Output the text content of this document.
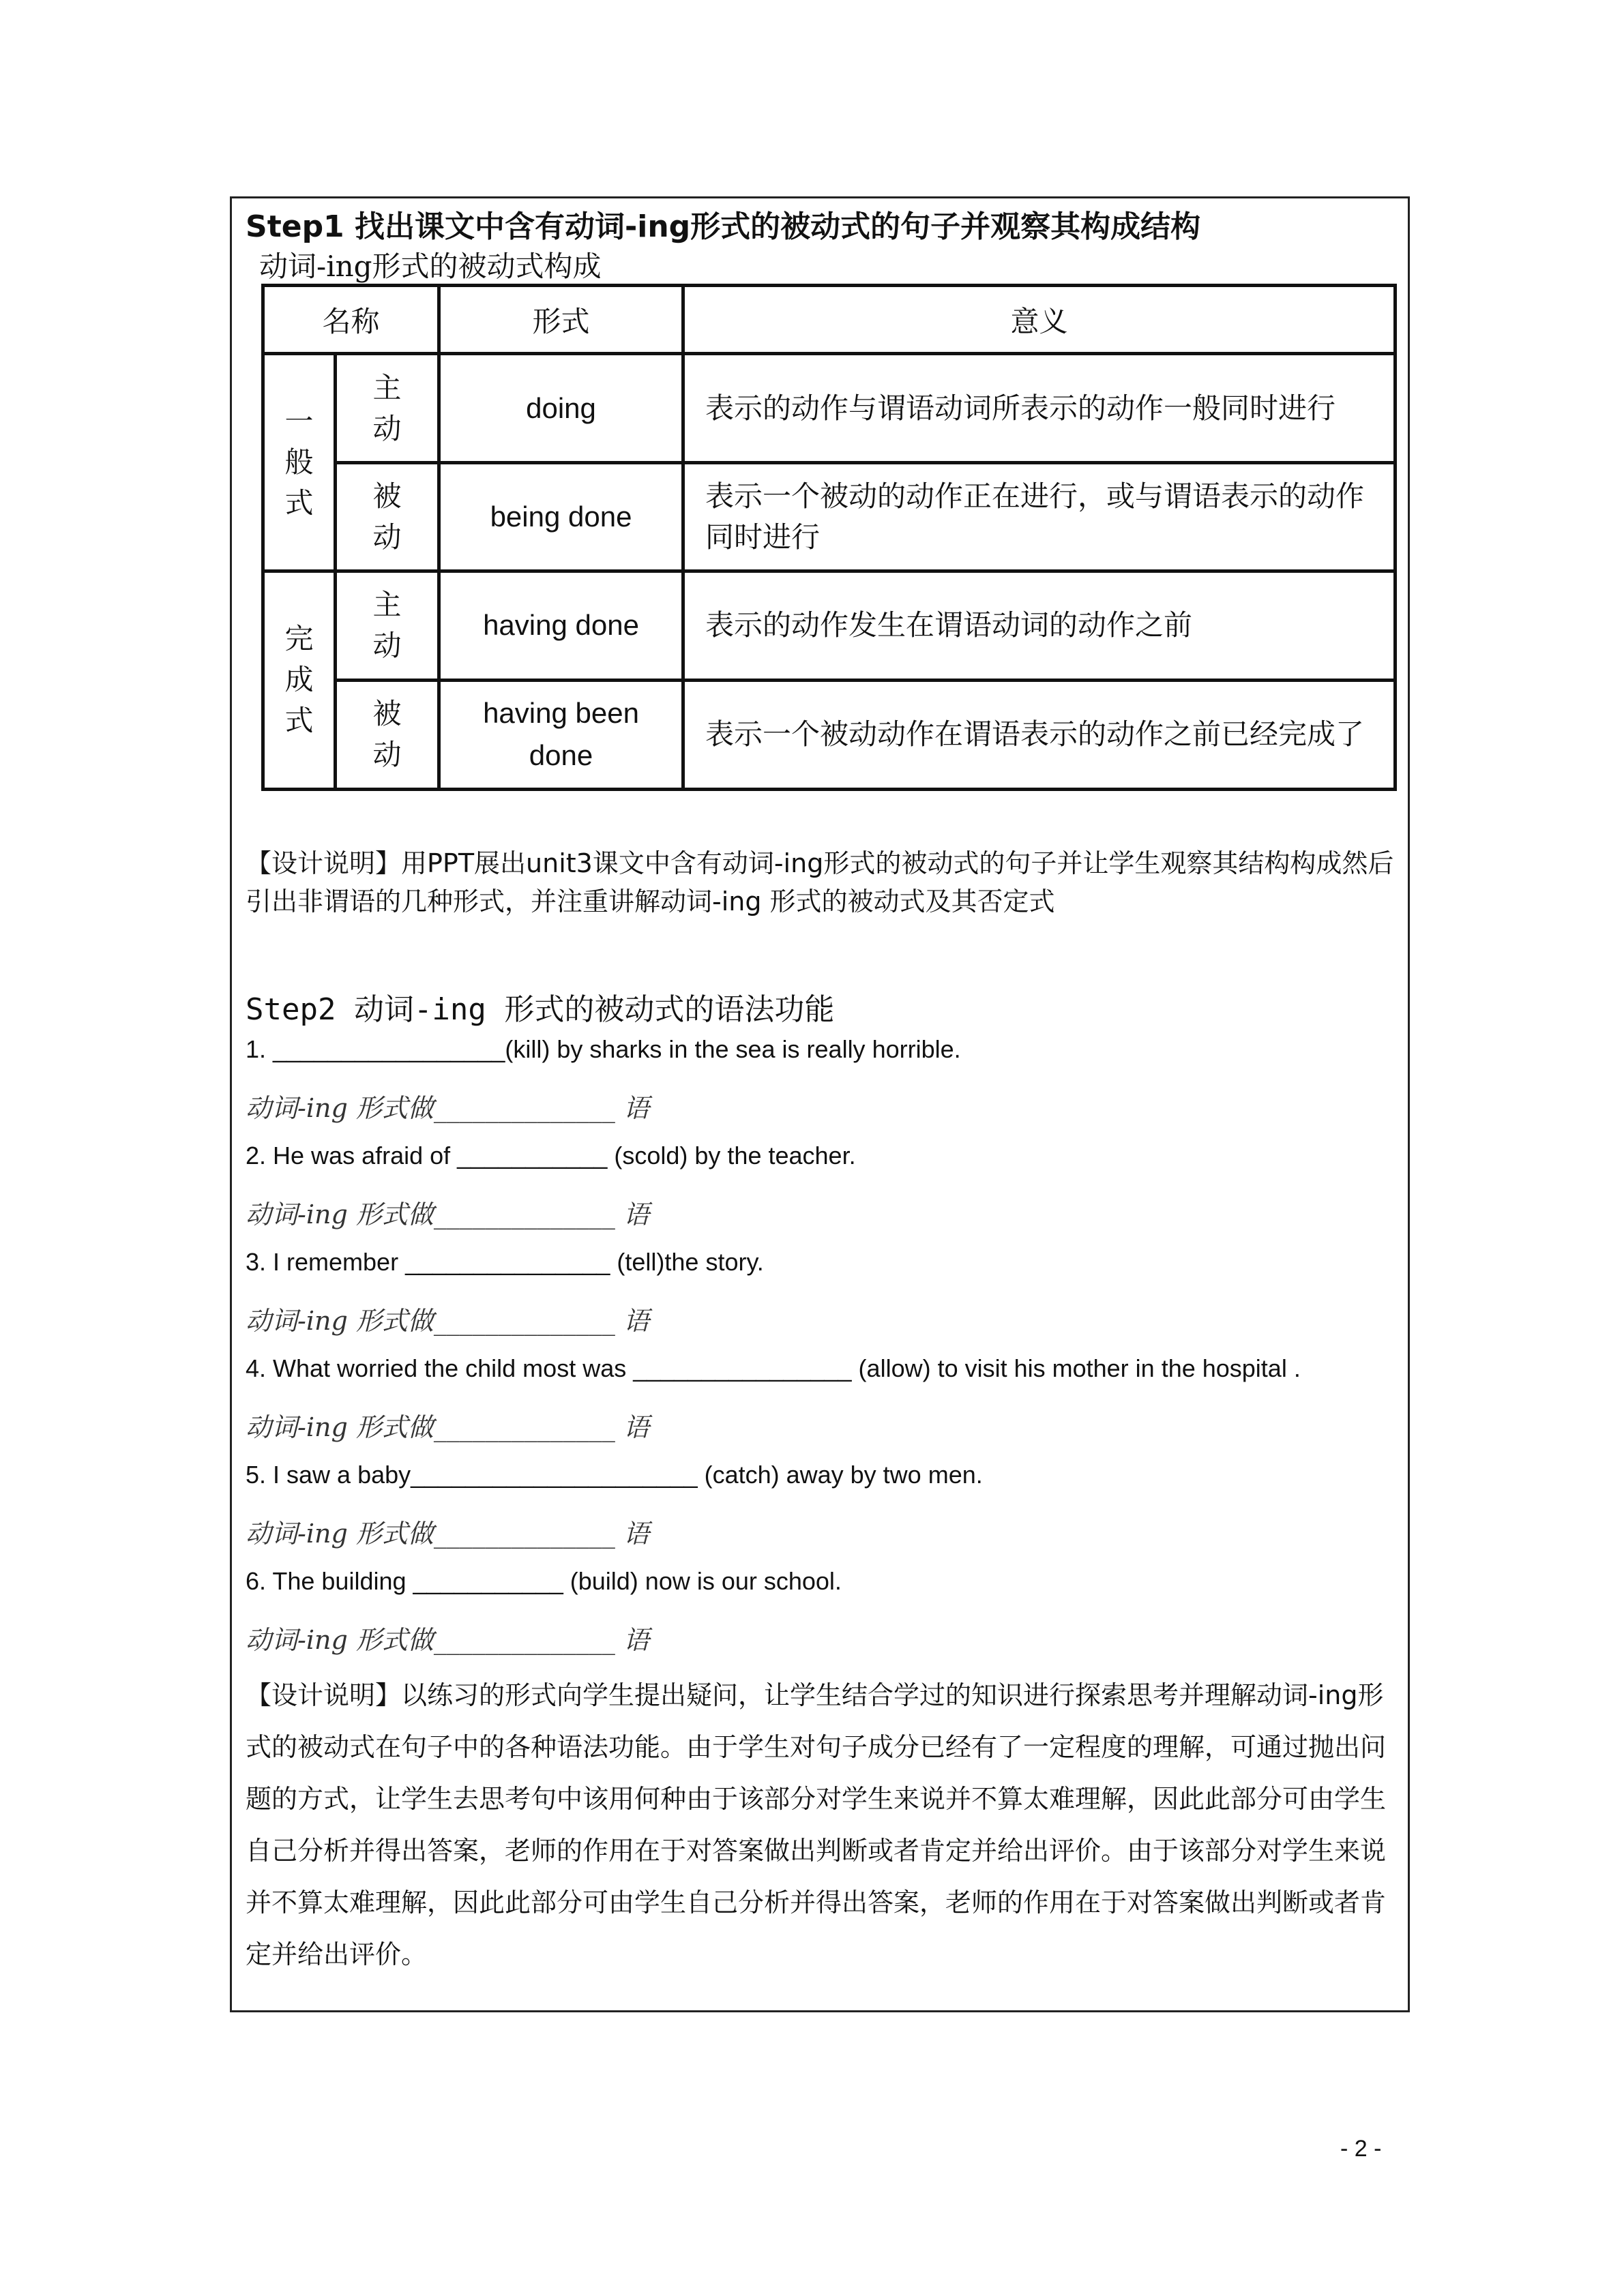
Step1 找出课文中含有动词-ing形式的被动式的句子并观察其构成结构
动词-ing形式的被动式构成
名称		形式	意义

一般式	主动	doing	表示的动作与谓语动词所表示的动作一般同时进行

	被动	being done	表示一个被动的动作正在进行，或与谓语表示的动作同时进行

完成式	主动	having done	表示的动作发生在谓语动词的动作之前

	被动	having been done	表示一个被动动作在谓语表示的动作之前已经完成了
【设计说明】用PPT展出unit3课文中含有动词-ing形式的被动式的句子并让学生观察其结构构成然后引出非谓语的几种形式，并注重讲解动词-ing 形式的被动式及其否定式
Step2 动词-ing 形式的被动式的语法功能
1. _________________(kill) by sharks in the sea is really horrible.
动词-ing 形式做______________ 语
2. He was afraid of ___________ (scold) by the teacher.
动词-ing 形式做______________ 语
3. I remember _______________ (tell)the story.
动词-ing 形式做______________ 语
4. What worried the child most was ________________ (allow) to visit his mother in the hospital .
动词-ing 形式做______________ 语
5. I saw a baby_____________________ (catch) away by two men.
动词-ing 形式做______________ 语
6. The building ___________ (build) now is our school.
动词-ing 形式做______________ 语
【设计说明】以练习的形式向学生提出疑问，让学生结合学过的知识进行探索思考并理解动词-ing形式的被动式在句子中的各种语法功能。由于学生对句子成分已经有了一定程度的理解，可通过抛出问题的方式，让学生去思考句中该用何种由于该部分对学生来说并不算太难理解，因此此部分可由学生自己分析并得出答案，老师的作用在于对答案做出判断或者肯定并给出评价。由于该部分对学生来说并不算太难理解，因此此部分可由学生自己分析并得出答案，老师的作用在于对答案做出判断或者肯定并给出评价。
- 2 -
